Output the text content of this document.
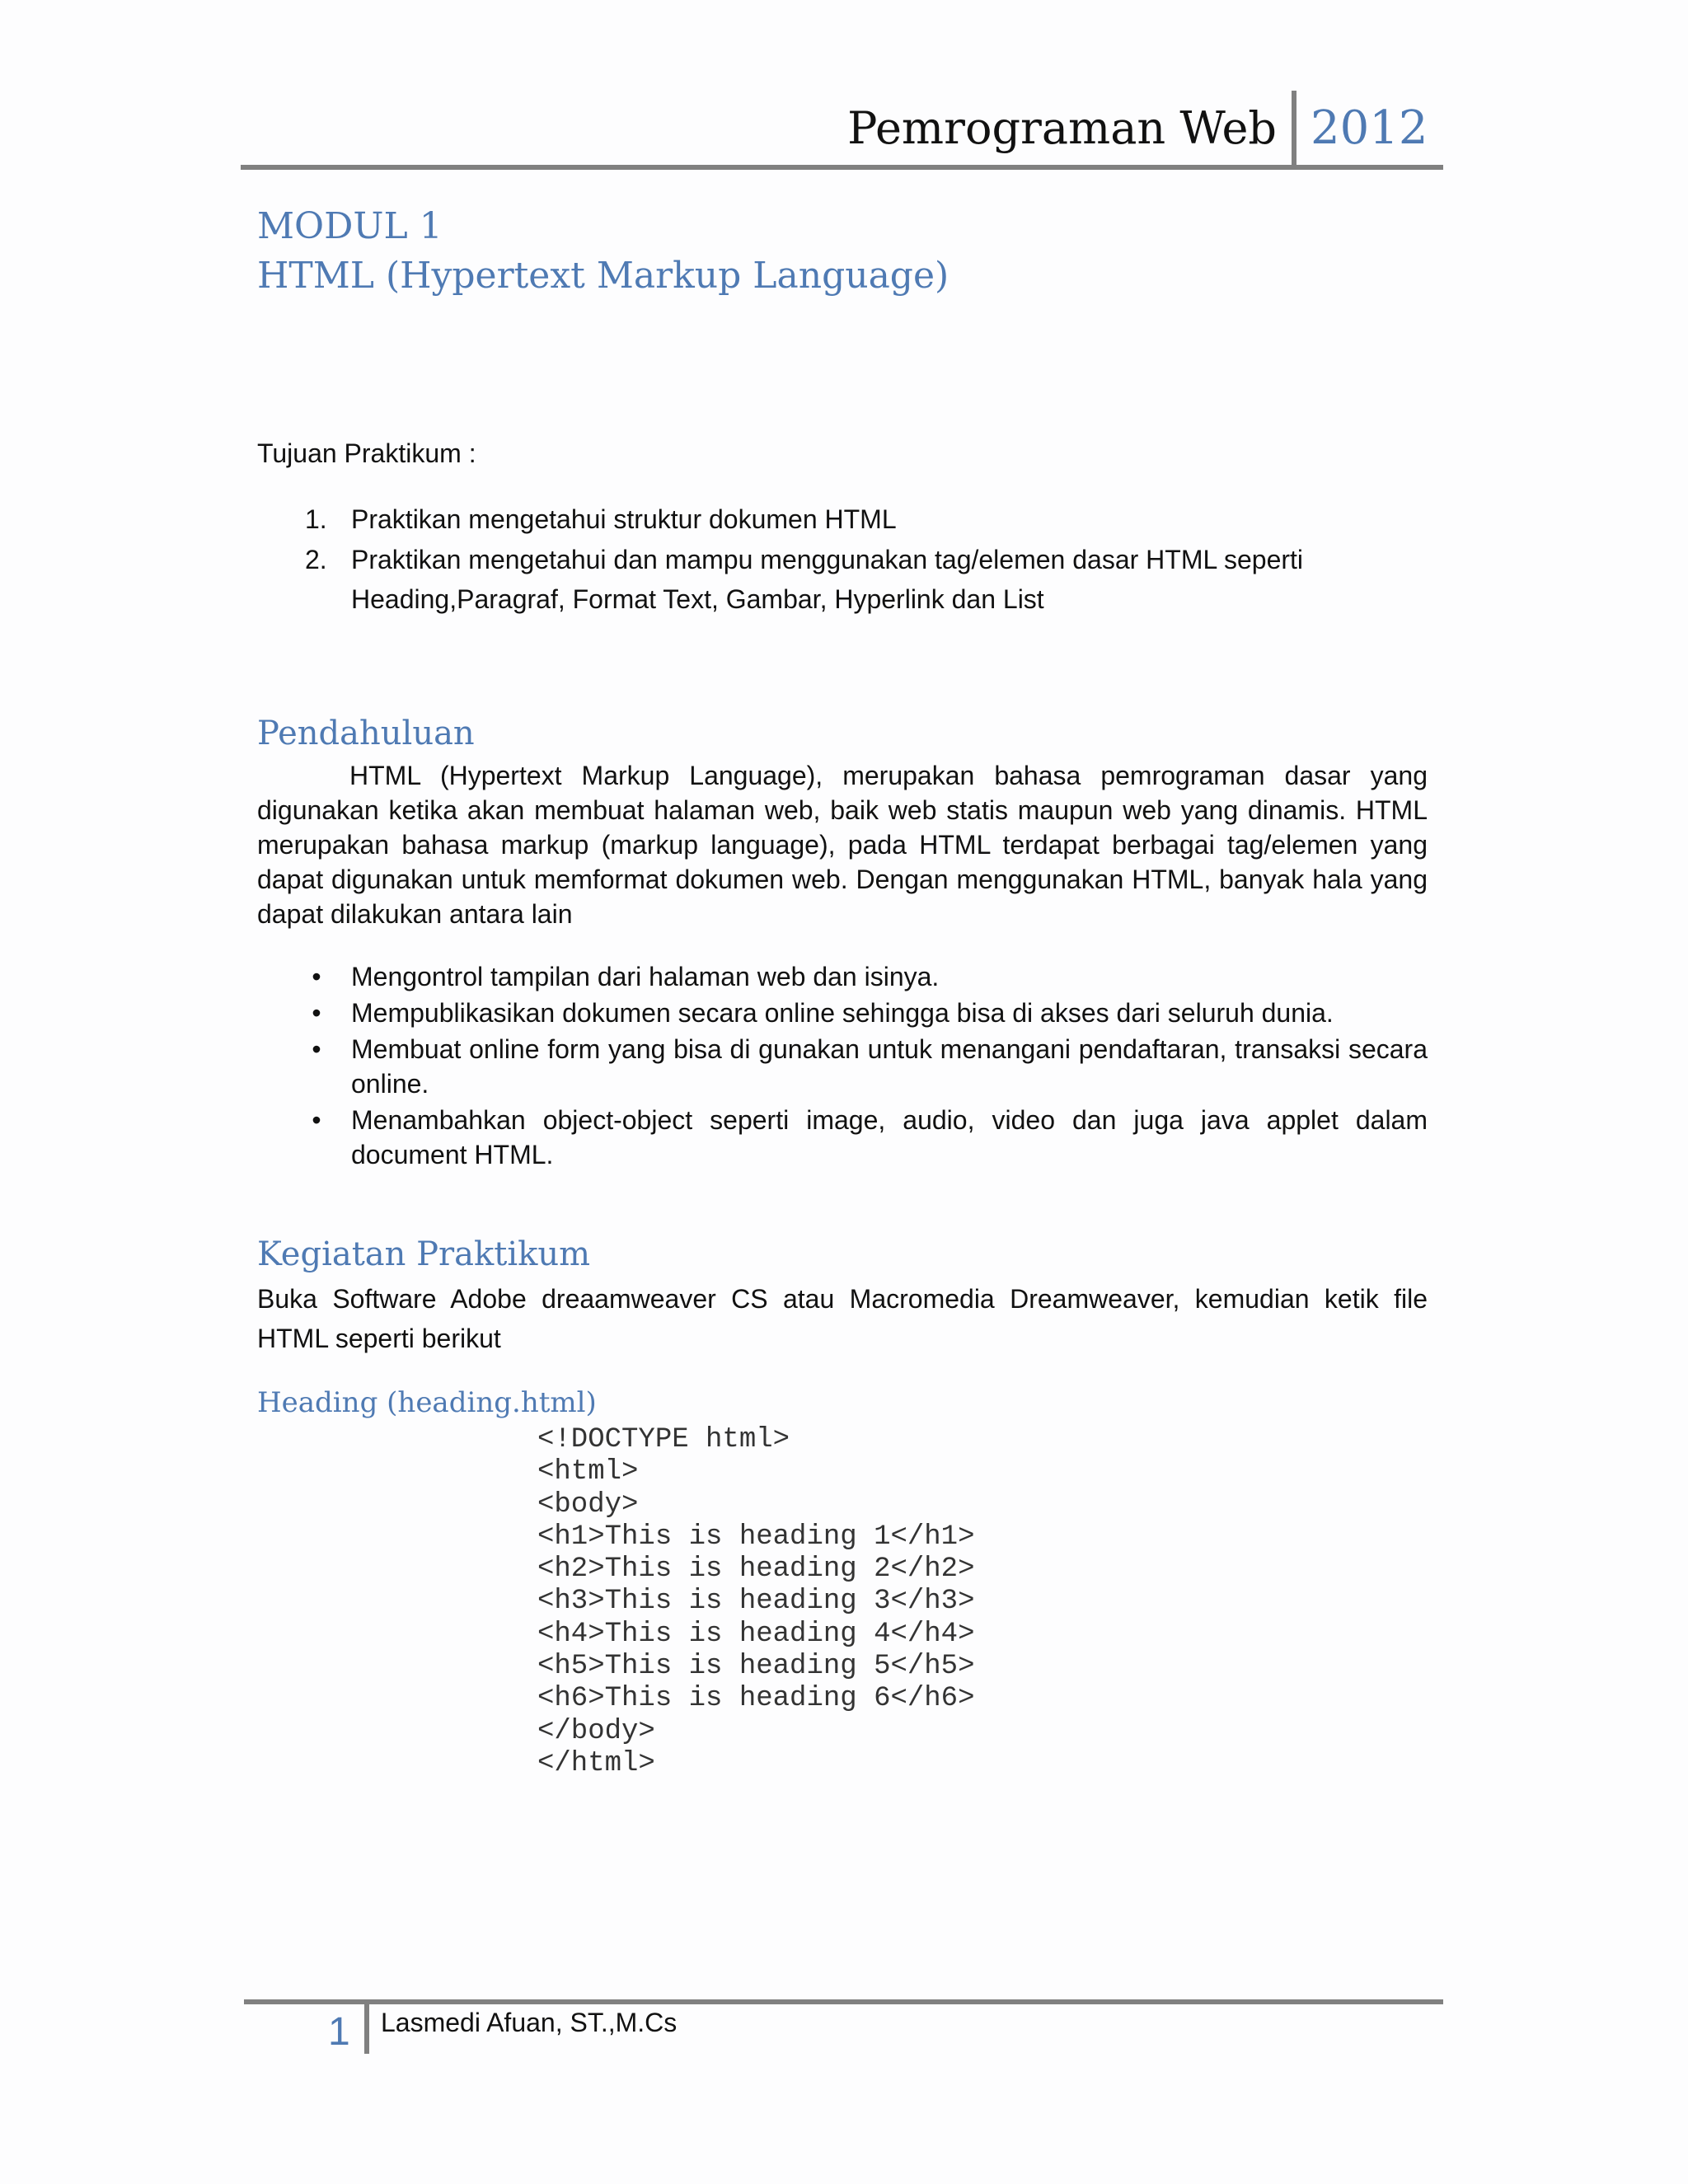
Pemrograman Web 2012
MODUL 1
HTML (Hypertext Markup Language)
Tujuan Praktikum :
1. Praktikan mengetahui struktur dokumen HTML
2. Praktikan mengetahui dan mampu menggunakan tag/elemen dasar HTML seperti
Heading,Paragraf, Format Text, Gambar, Hyperlink dan List
Pendahuluan
HTML (Hypertext Markup Language), merupakan bahasa pemrograman dasar yang digunakan ketika akan membuat halaman web, baik web statis maupun web yang dinamis. HTML merupakan bahasa markup (markup language), pada HTML terdapat berbagai tag/elemen yang dapat digunakan untuk memformat dokumen web. Dengan menggunakan HTML, banyak hala yang dapat dilakukan antara lain
• Mengontrol tampilan dari halaman web dan isinya.
• Mempublikasikan dokumen secara online sehingga bisa di akses dari seluruh dunia.
• Membuat online form yang bisa di gunakan untuk menangani pendaftaran, transaksi secara online.
• Menambahkan object-object seperti image, audio, video dan juga java applet dalam document HTML.
Kegiatan Praktikum
Buka Software Adobe dreaamweaver CS atau Macromedia Dreamweaver, kemudian ketik file HTML seperti berikut
Heading (heading.html)
<!DOCTYPE html>
<html>
<body>
<h1>This is heading 1</h1>
<h2>This is heading 2</h2>
<h3>This is heading 3</h3>
<h4>This is heading 4</h4>
<h5>This is heading 5</h5>
<h6>This is heading 6</h6>
</body>
</html>
1 Lasmedi Afuan, ST.,M.Cs
